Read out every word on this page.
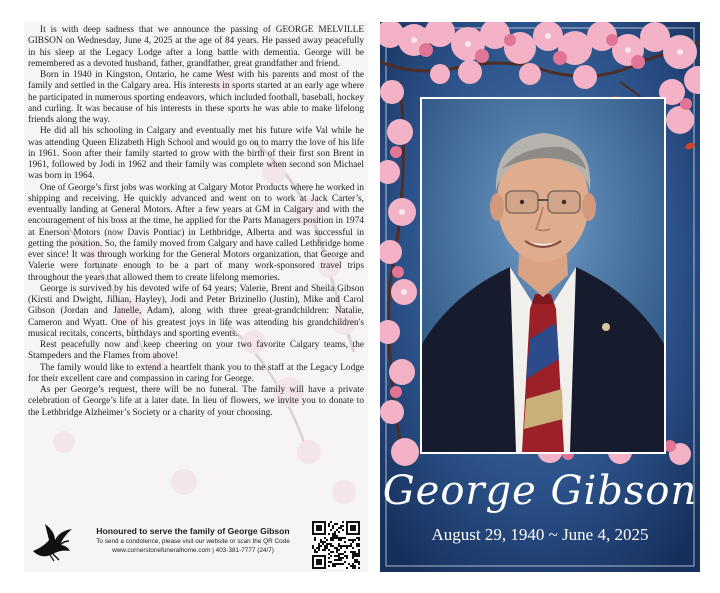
It is with deep sadness that we announce the passing of GEORGE MELVILLE GIBSON on Wednesday, June 4, 2025 at the age of 84 years. He passed away peacefully in his sleep at the Legacy Lodge after a long battle with dementia. George will be remembered as a devoted husband, father, grandfather, great grandfather and friend.

Born in 1940 in Kingston, Ontario, he came West with his parents and most of the family and settled in the Calgary area. His interests in sports started at an early age where he participated in numerous sporting endeavors, which included football, baseball, hockey and curling. It was because of his interests in these sports he was able to make lifelong friends along the way.

He did all his schooling in Calgary and eventually met his future wife Val while he was attending Queen Elizabeth High School and would go on to marry the love of his life in 1961. Soon after their family started to grow with the birth of their first son Brent in 1961, followed by Jodi in 1962 and their family was complete when second son Michael was born in 1964.

One of George’s first jobs was working at Calgary Motor Products where he worked in shipping and receiving. He quickly advanced and went on to work at Jack Carter’s, eventually landing at General Motors. After a few years at GM in Calgary and with the encouragement of his boss at the time, he applied for the Parts Managers position in 1974 at Enerson Motors (now Davis Pontiac) in Lethbridge, Alberta and was successful in getting the position. So, the family moved from Calgary and have called Lethbridge home ever since! It was through working for the General Motors organization, that George and Valerie were fortunate enough to be a part of many work-sponsored travel trips throughout the years that allowed them to create lifelong memories.

George is survived by his devoted wife of 64 years; Valerie, Brent and Sheila Gibson (Kirsti and Dwight, Jillian, Hayley), Jodi and Peter Brizinello (Justin), Mike and Carol Gibson (Jordan and Janelle, Adam), along with three great-grandchildren: Natalie, Cameron and Wyatt. One of his greatest joys in life was attending his grandchildren's musical recitals, concerts, birthdays and sporting events.

Rest peacefully now and keep cheering on your two favorite Calgary teams, the Stampeders and the Flames from above!

The family would like to extend a heartfelt thank you to the staff at the Legacy Lodge for their excellent care and compassion in caring for George.

As per George’s request, there will be no funeral. The family will have a private celebration of George’s life at a later date. In lieu of flowers, we invite you to donate to the Lethbridge Alzheimer’s Society or a charity of your choosing.

Honoured to serve the family of George Gibson
To send a condolence, please visit our website or scan the QR Code
www.cornerstonefuneralhome.com | 403-381-7777 (24/7)
George Gibson
August 29, 1940 ~ June 4, 2025
